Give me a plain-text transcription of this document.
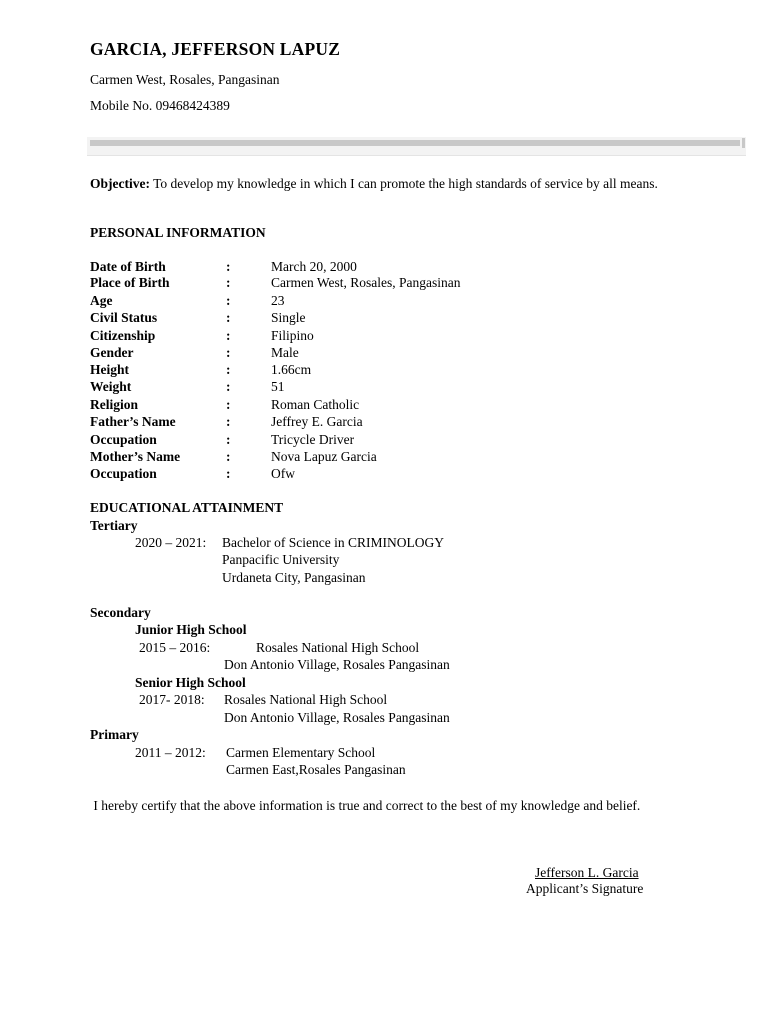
GARCIA, JEFFERSON LAPUZ
Carmen West, Rosales, Pangasinan
Mobile No. 09468424389
Objective: To develop my knowledge in which I can promote the high standards of service by all means.
PERSONAL INFORMATION
Date of Birth	:	March 20, 2000
Place of Birth	:	Carmen West, Rosales, Pangasinan
Age	:	23
Civil Status	:	Single
Citizenship	:	Filipino
Gender	:	Male
Height	:	1.66cm
Weight	:	51
Religion	:	Roman Catholic
Father’s Name	:	Jeffrey E. Garcia
Occupation	:	Tricycle Driver
Mother’s Name	:	Nova Lapuz Garcia
Occupation	:	Ofw
EDUCATIONAL ATTAINMENT
Tertiary
2020 – 2021: Bachelor of Science in CRIMINOLOGY
Panpacific University
Urdaneta City, Pangasinan
Secondary
Junior High School
2015 – 2016:	Rosales National High School
Don Antonio Village, Rosales Pangasinan
Senior High School
2017- 2018: Rosales National High School
Don Antonio Village, Rosales Pangasinan
Primary
2011 – 2012: Carmen Elementary School
Carmen East,Rosales Pangasinan
I hereby certify that the above information is true and correct to the best of my knowledge and belief.
Jefferson L. Garcia
Applicant’s Signature
